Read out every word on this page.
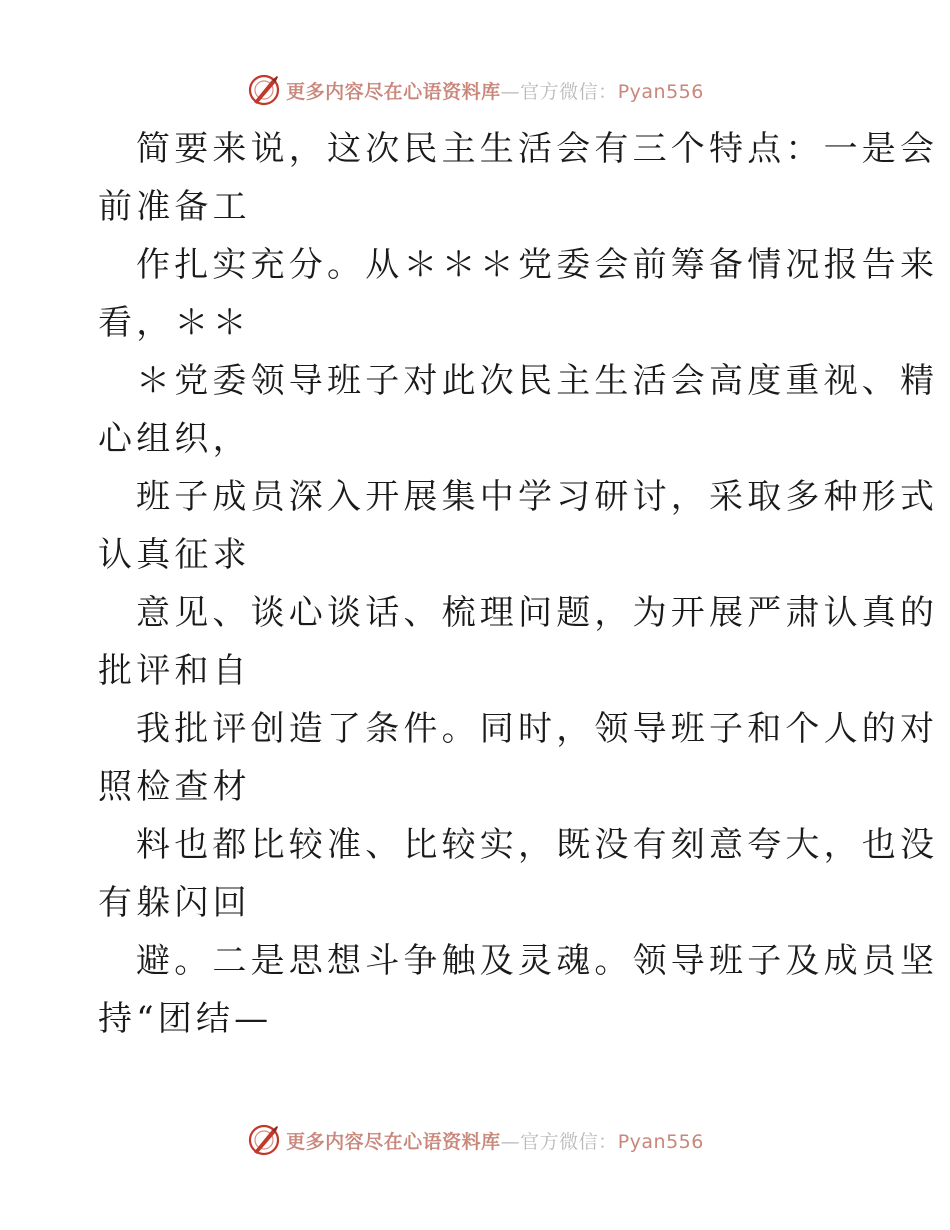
更多内容尽在心语资料库—官方微信：Pyan556
简要来说，这次民主生活会有三个特点：一是会
前准备工
作扎实充分。从＊＊＊党委会前筹备情况报告来
看，＊＊
＊党委领导班子对此次民主生活会高度重视、精
心组织，
班子成员深入开展集中学习研讨，采取多种形式
认真征求
意见、谈心谈话、梳理问题，为开展严肃认真的
批评和自
我批评创造了条件。同时，领导班子和个人的对
照检查材
料也都比较准、比较实，既没有刻意夸大，也没
有躲闪回
避。二是思想斗争触及灵魂。领导班子及成员坚
持“团结—
更多内容尽在心语资料库—官方微信：Pyan556
